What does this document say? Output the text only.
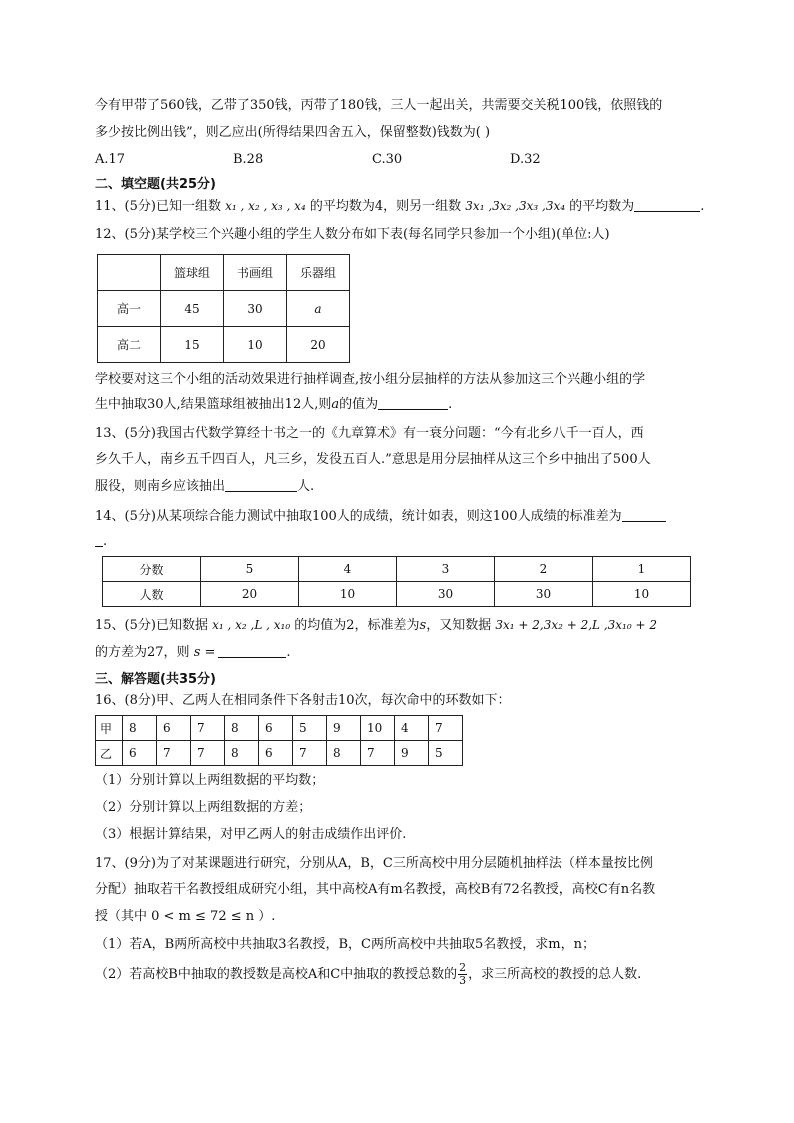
今有甲带了560钱，乙带了350钱，丙带了180钱，三人一起出关，共需要交关税100钱，依照钱的
多少按比例出钱”，则乙应出(所得结果四舍五入，保留整数)钱数为( )
A.17	B.28	C.30	D.32
二、填空题(共25分)
11、(5分)已知一组数 x₁ , x₂ , x₃ , x₄ 的平均数为4，则另一组数 3x₁ ,3x₂ ,3x₃ ,3x₄ 的平均数为	.
12、(5分)某学校三个兴趣小组的学生人数分布如下表(每名同学只参加一个小组)(单位:人)
	篮球组	书画组	乐器组
高一	45	30	a
高二	15	10	20
学校要对这三个小组的活动效果进行抽样调查,按小组分层抽样的方法从参加这三个兴趣小组的学
生中抽取30人,结果篮球组被抽出12人,则a的值为	.
13、(5分)我国古代数学算经十书之一的《九章算术》有一衰分问题：“今有北乡八千一百人，西
乡久千人，南乡五千四百人，凡三乡，发役五百人.”意思是用分层抽样从这三个乡中抽出了500人
服役，则南乡应该抽出	人.
14、(5分)从某项综合能力测试中抽取100人的成绩，统计如表，则这100人成绩的标准差为
.
分数	5	4	3	2	1
人数	20	10	30	30	10
15、(5分)已知数据 x₁ , x₂ ,L , x₁₀ 的均值为2，标准差为s，又知数据 3x₁ + 2,3x₂ + 2,L ,3x₁₀ + 2
的方差为27，则 s =	.
三、解答题(共35分)
16、(8分)甲、乙两人在相同条件下各射击10次，每次命中的环数如下：
甲	8	6	7	8	6	5	9	10	4	7
乙	6	7	7	8	6	7	8	7	9	5
（1）分别计算以上两组数据的平均数；
（2）分别计算以上两组数据的方差；
（3）根据计算结果，对甲乙两人的射击成绩作出评价.
17、(9分)为了对某课题进行研究，分别从A，B，C三所高校中用分层随机抽样法（样本量按比例
分配）抽取若干名教授组成研究小组，其中高校A有m名教授，高校B有72名教授，高校C有n名教
授（其中 0 < m ≤ 72 ≤ n ）.
（1）若A，B两所高校中共抽取3名教授，B，C两所高校中共抽取5名教授，求m，n；
（2）若高校B中抽取的教授数是高校A和C中抽取的教授总数的 $\frac{2}{3}$ ，求三所高校的教授的总人数.
